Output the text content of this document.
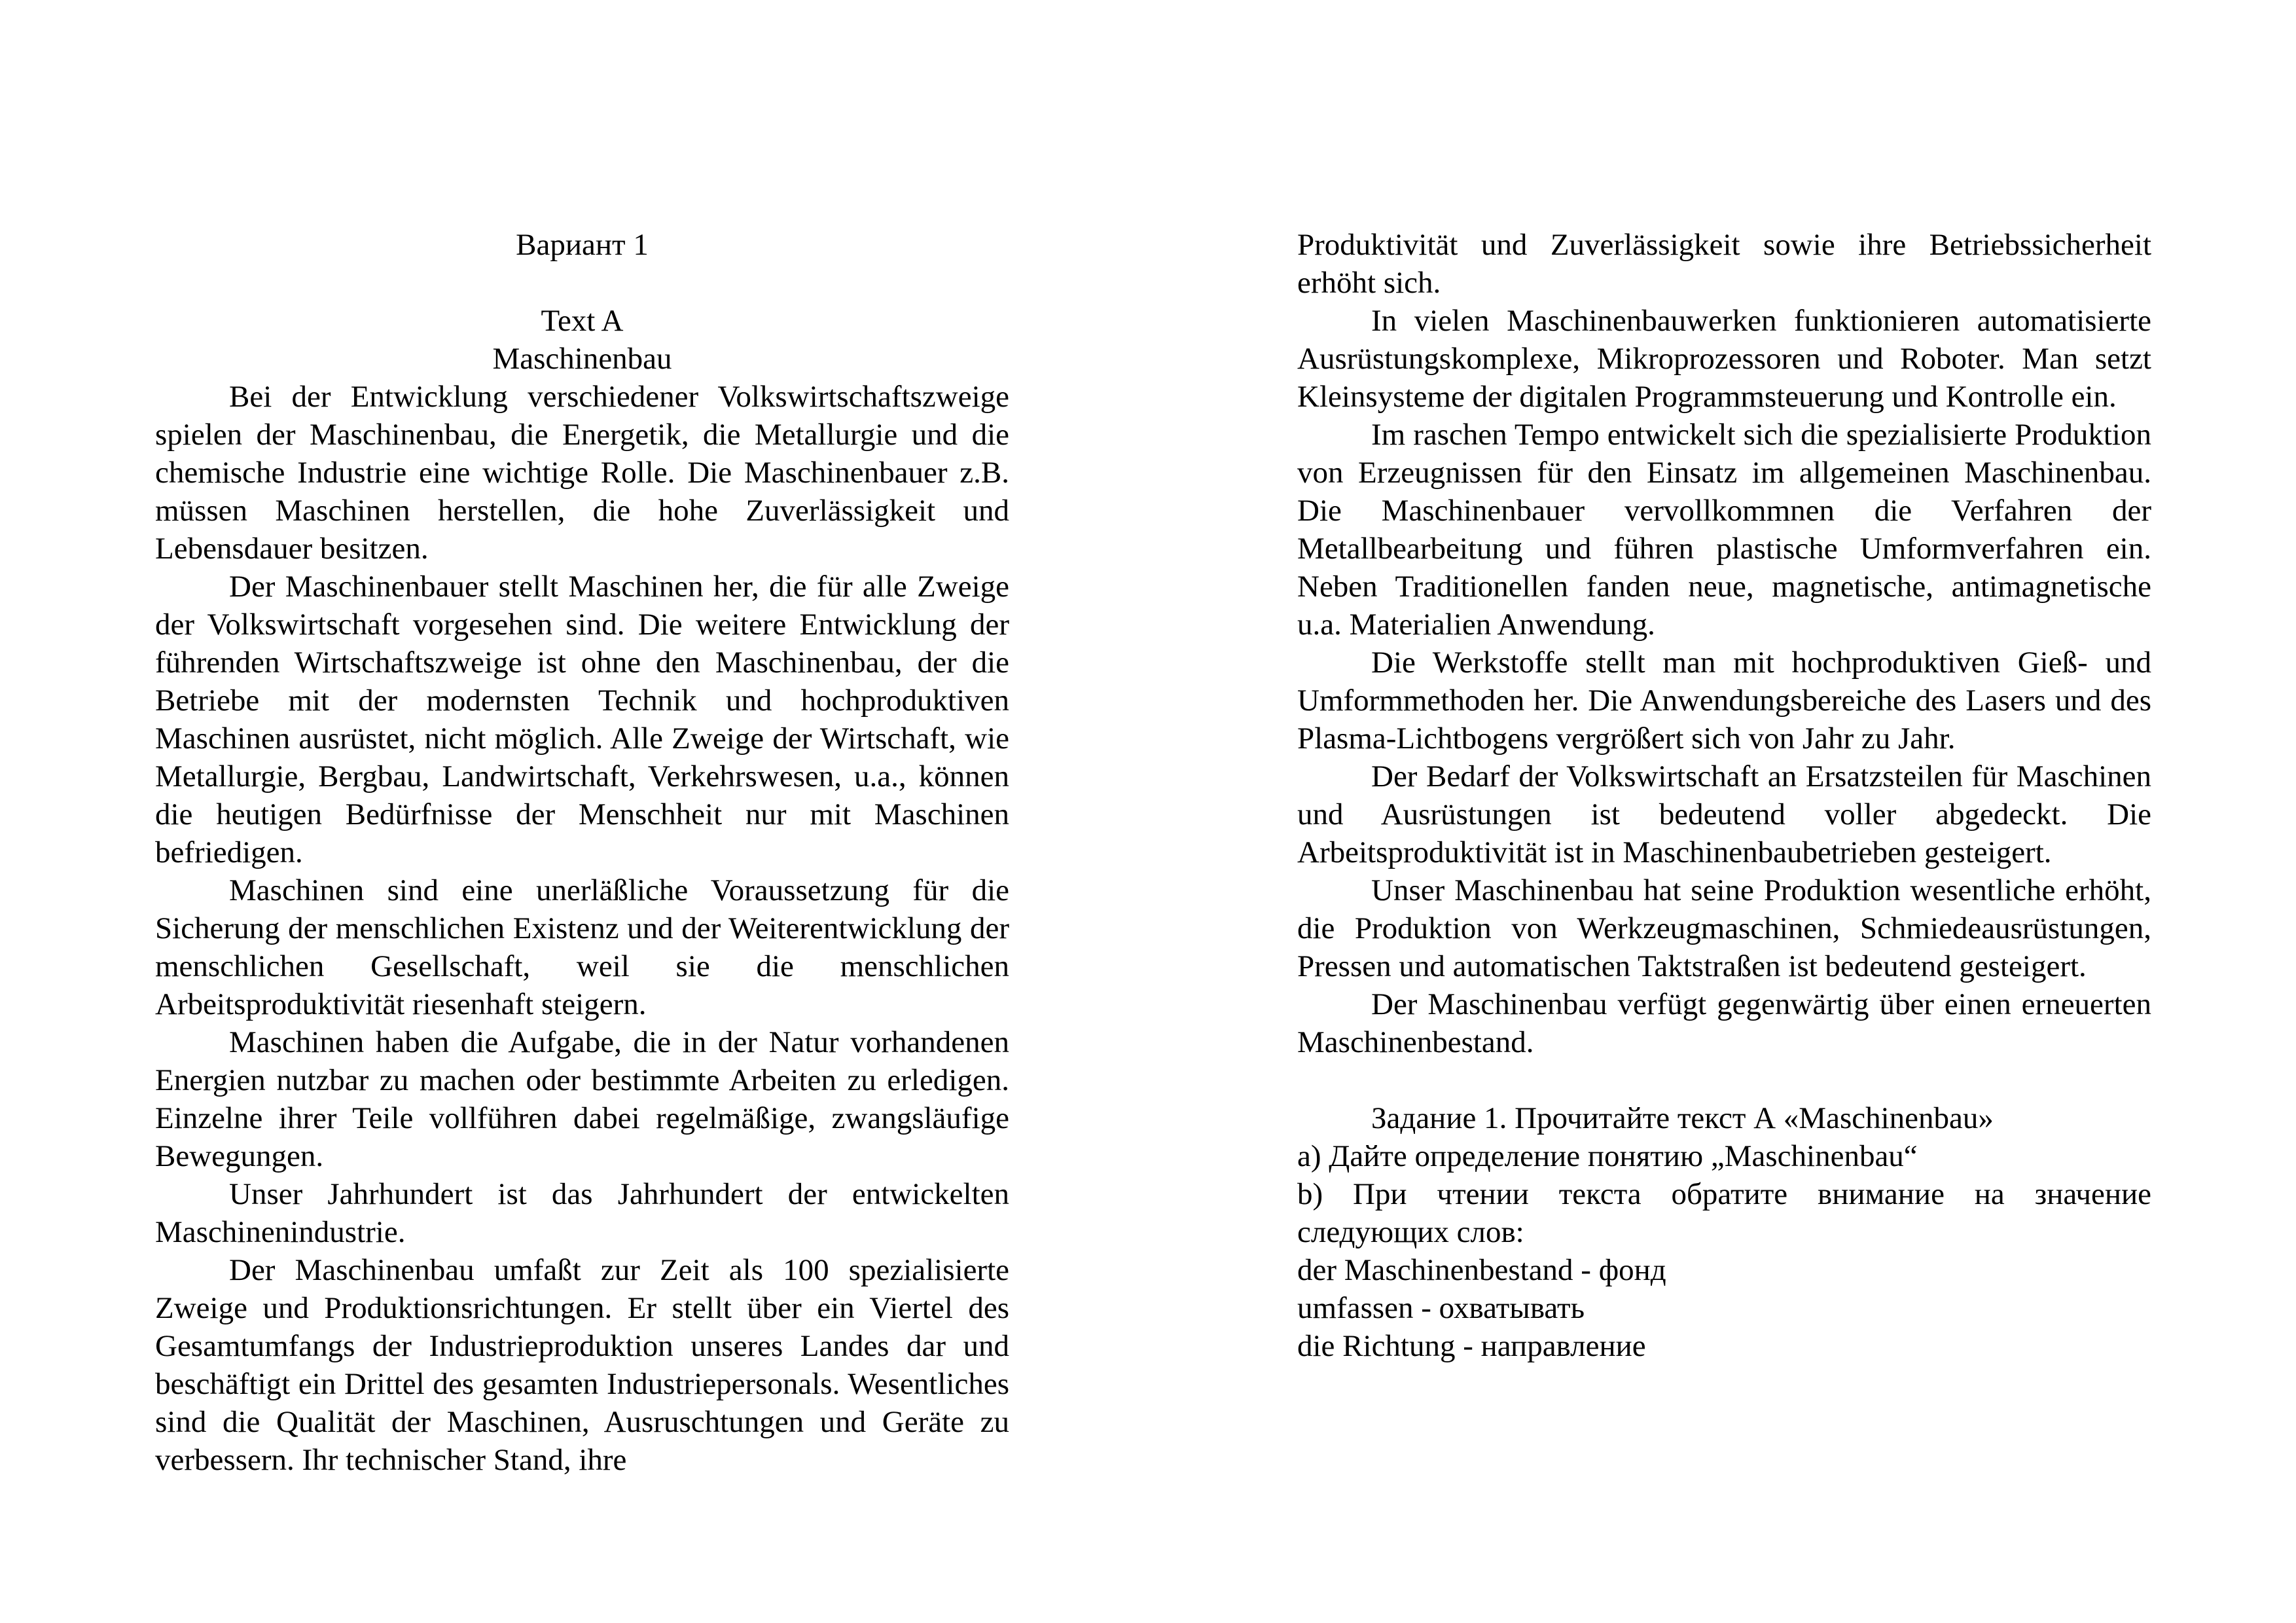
Вариант 1

Text A

Maschinenbau

Bei der Entwicklung verschiedener Volkswirtschaftszweige spielen der Maschinenbau, die Energetik, die Metallurgie und die chemische Industrie eine wichtige Rolle. Die Maschinenbauer z.B. müssen Maschinen herstellen, die hohe Zuverlässigkeit und Lebensdauer besitzen.

Der Maschinenbauer stellt Maschinen her, die für alle Zweige der Volkswirtschaft vorgesehen sind. Die weitere Entwicklung der führenden Wirtschaftszweige ist ohne den Maschinenbau, der die Betriebe mit der modernsten Technik und hochproduktiven Maschinen ausrüstet, nicht möglich. Alle Zweige der Wirtschaft, wie Metallurgie, Bergbau, Landwirtschaft, Verkehrswesen, u.a., können die heutigen Bedürfnisse der Menschheit nur mit Maschinen befriedigen.

Maschinen sind eine unerläßliche Voraussetzung für die Sicherung der menschlichen Existenz und der Weiterentwicklung der menschlichen Gesellschaft, weil sie die menschlichen Arbeitsproduktivität riesenhaft steigern.

Maschinen haben die Aufgabe, die in der Natur vorhandenen Energien nutzbar zu machen oder bestimmte Arbeiten zu erledigen. Einzelne ihrer Teile vollführen dabei regelmäßige, zwangsläufige Bewegungen.

Unser Jahrhundert ist das Jahrhundert der entwickelten Maschinenindustrie.

Der Maschinenbau umfaßt zur Zeit als 100 spezialisierte Zweige und Produktionsrichtungen. Er stellt über ein Viertel des Gesamtumfangs der Industrieproduktion unseres Landes dar und beschäftigt ein Drittel des gesamten Industriepersonals. Wesentliches sind die Qualität der Maschinen, Ausruschtungen und Geräte zu verbessern. Ihr technischer Stand, ihre

Produktivität und Zuverlässigkeit sowie ihre Betriebssicherheit erhöht sich.

In vielen Maschinenbauwerken funktionieren automatisierte Ausrüstungskomplexe, Mikroprozessoren und Roboter. Man setzt Kleinsysteme der digitalen Programmsteuerung und Kontrolle ein.

Im raschen Tempo entwickelt sich die spezialisierte Produktion von Erzeugnissen für den Einsatz im allgemeinen Maschinenbau. Die Maschinenbauer vervollkommnen die Verfahren der Metallbearbeitung und führen plastische Umformverfahren ein. Neben Traditionellen fanden neue, magnetische, antimagnetische u.a. Materialien Anwendung.

Die Werkstoffe stellt man mit hochproduktiven Gieß- und Umformmethoden her. Die Anwendungsbereiche des Lasers und des Plasma-Lichtbogens vergrößert sich von Jahr zu Jahr.

Der Bedarf der Volkswirtschaft an Ersatzsteilen für Maschinen und Ausrüstungen ist bedeutend voller abgedeckt. Die Arbeitsproduktivität ist in Maschinenbaubetrieben gesteigert.

Unser Maschinenbau hat seine Produktion wesentliche erhöht, die Produktion von Werkzeugmaschinen, Schmiedeausrüstungen, Pressen und automatischen Taktstraßen ist bedeutend gesteigert.

Der Maschinenbau verfügt gegenwärtig über einen erneuerten Maschinenbestand.

Задание 1. Прочитайте текст А «Maschinenbau»

а) Дайте определение понятию „Maschinenbau“

b) При чтении текста обратите внимание на значение следующих слов:

der Maschinenbestand - фонд

umfassen - охватывать

die Richtung - направление
